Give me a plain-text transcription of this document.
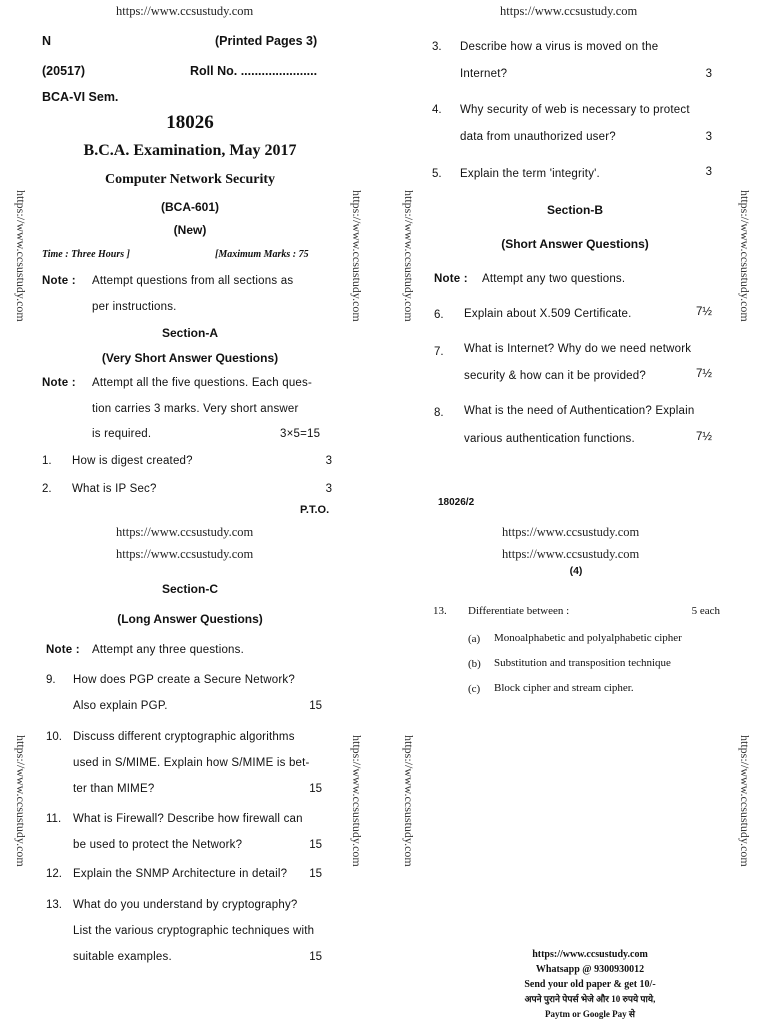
https://www.ccsustudy.com	https://www.ccsustudy.com
N	(Printed Pages 3)
(20517)	Roll No. ......................
BCA-VI Sem.
18026
B.C.A. Examination, May 2017
Computer Network Security
(BCA-601)
(New)
Time : Three Hours ]	[Maximum Marks : 75
Note : Attempt questions from all sections as
per instructions.
Section-A
(Very Short Answer Questions)
Note : Attempt all the five questions. Each ques-
tion carries 3 marks. Very short answer
is required.	3×5=15
1. How is digest created?	3
2. What is IP Sec?	3
P.T.O.
https://www.ccsustudy.com
https://www.ccsustudy.com
https://www.ccsustudy.com
https://www.ccsustudy.com
3. Describe how a virus is moved on the
Internet?	3
4. Why security of web is necessary to protect
data from unauthorized user?	3
5. Explain the term 'integrity'.	3
Section-B
(Short Answer Questions)
Note : Attempt any two questions.
6. Explain about X.509 Certificate.	7½
7. What is Internet? Why do we need network
security & how can it be provided?	7½
8. What is the need of Authentication? Explain
various authentication functions.	7½
18026/2
Section-C
(Long Answer Questions)
Note : Attempt any three questions.
9. How does PGP create a Secure Network?
Also explain PGP.	15
10. Discuss different cryptographic algorithms
used in S/MIME. Explain how S/MIME is bet-
ter than MIME?	15
11. What is Firewall? Describe how firewall can
be used to protect the Network?	15
12. Explain the SNMP Architecture in detail?	15
13. What do you understand by cryptography?
List the various cryptographic techniques with
suitable examples.	15
(4)
13. Differentiate between :	5 each
(a) Monoalphabetic and polyalphabetic cipher
(b) Substitution and transposition technique
(c) Block cipher and stream cipher.
https://www.ccsustudy.com
Whatsapp @ 9300930012
Send your old paper & get 10/-
अपने पुराने पेपर्स भेजे और 10 रुपये पाये,
Paytm or Google Pay से
https://www.ccsustudy.com	https://www.ccsustudy.com	https://www.ccsustudy.com	https://www.ccsustudy.com
https://www.ccsustudy.com	https://www.ccsustudy.com	https://www.ccsustudy.com	https://www.ccsustudy.com
